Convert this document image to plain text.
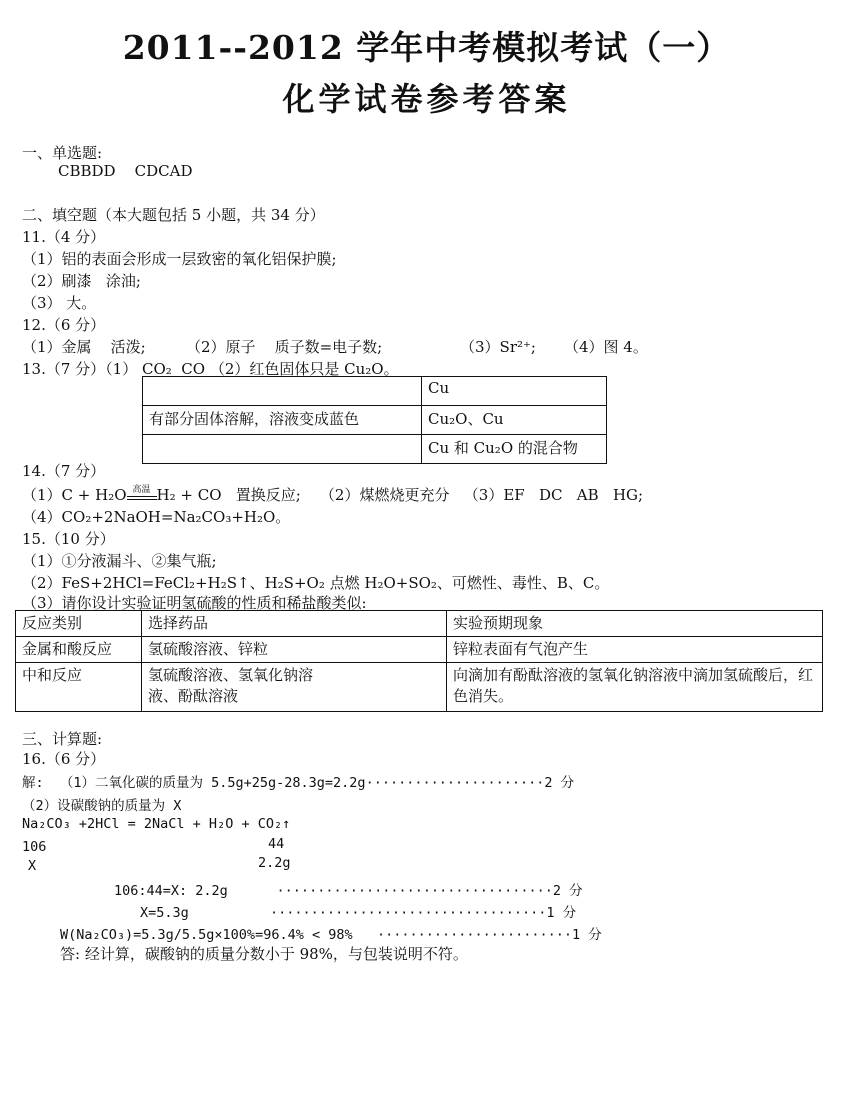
2011--2012 学年中考模拟考试（一）
化学试卷参考答案
一、单选题:
CBBDD    CDCAD
二、填空题（本大题包括 5 小题，共 34 分）
11.（4 分）
（1）铝的表面会形成一层致密的氧化铝保护膜;
（2）刷漆   涂油;
（3） 大。
12.（6 分）
（1）金属    活泼;	（2）原子    质子数=电子数;	（3）Sr²⁺; （4）图 4。
13.（7 分）（1） CO₂  CO （2）红色固体只是 Cu₂O。
	Cu
有部分固体溶解，溶液变成蓝色	Cu₂O、Cu
	Cu 和 Cu₂O 的混合物
14.（7 分）
（1）C + H₂O 高温 H₂ + CO   置换反应;    （2）煤燃烧更充分   （3）EF   DC   AB   HG;
（4）CO₂+2NaOH=Na₂CO₃+H₂O。
15.（10 分）
（1）①分液漏斗、②集气瓶;
（2）FeS+2HCl=FeCl₂+H₂S↑、H₂S+O₂ 点燃 H₂O+SO₂、可燃性、毒性、B、C。
（3）请你设计实验证明氢硫酸的性质和稀盐酸类似:
反应类别	选择药品	实验预期现象
金属和酸反应	氢硫酸溶液、锌粒	锌粒表面有气泡产生
中和反应	氢硫酸溶液、氢氧化钠溶液、酚酞溶液	向滴加有酚酞溶液的氢氧化钠溶液中滴加氢硫酸后，红色消失。
三、计算题:
16.（6 分）
解:  （1）二氧化碳的质量为 5.5g+25g-28.3g=2.2g······················2 分
（2）设碳酸钠的质量为 X
Na₂CO₃ +2HCl = 2NaCl + H₂O + CO₂↑
106	44
X	2.2g
106:44=X: 2.2g      ··································2 分
X=5.3g          ··································1 分
W(Na₂CO₃)=5.3g/5.5g×100%=96.4% < 98%   ························1 分
答: 经计算，碳酸钠的质量分数小于 98%，与包装说明不符。
